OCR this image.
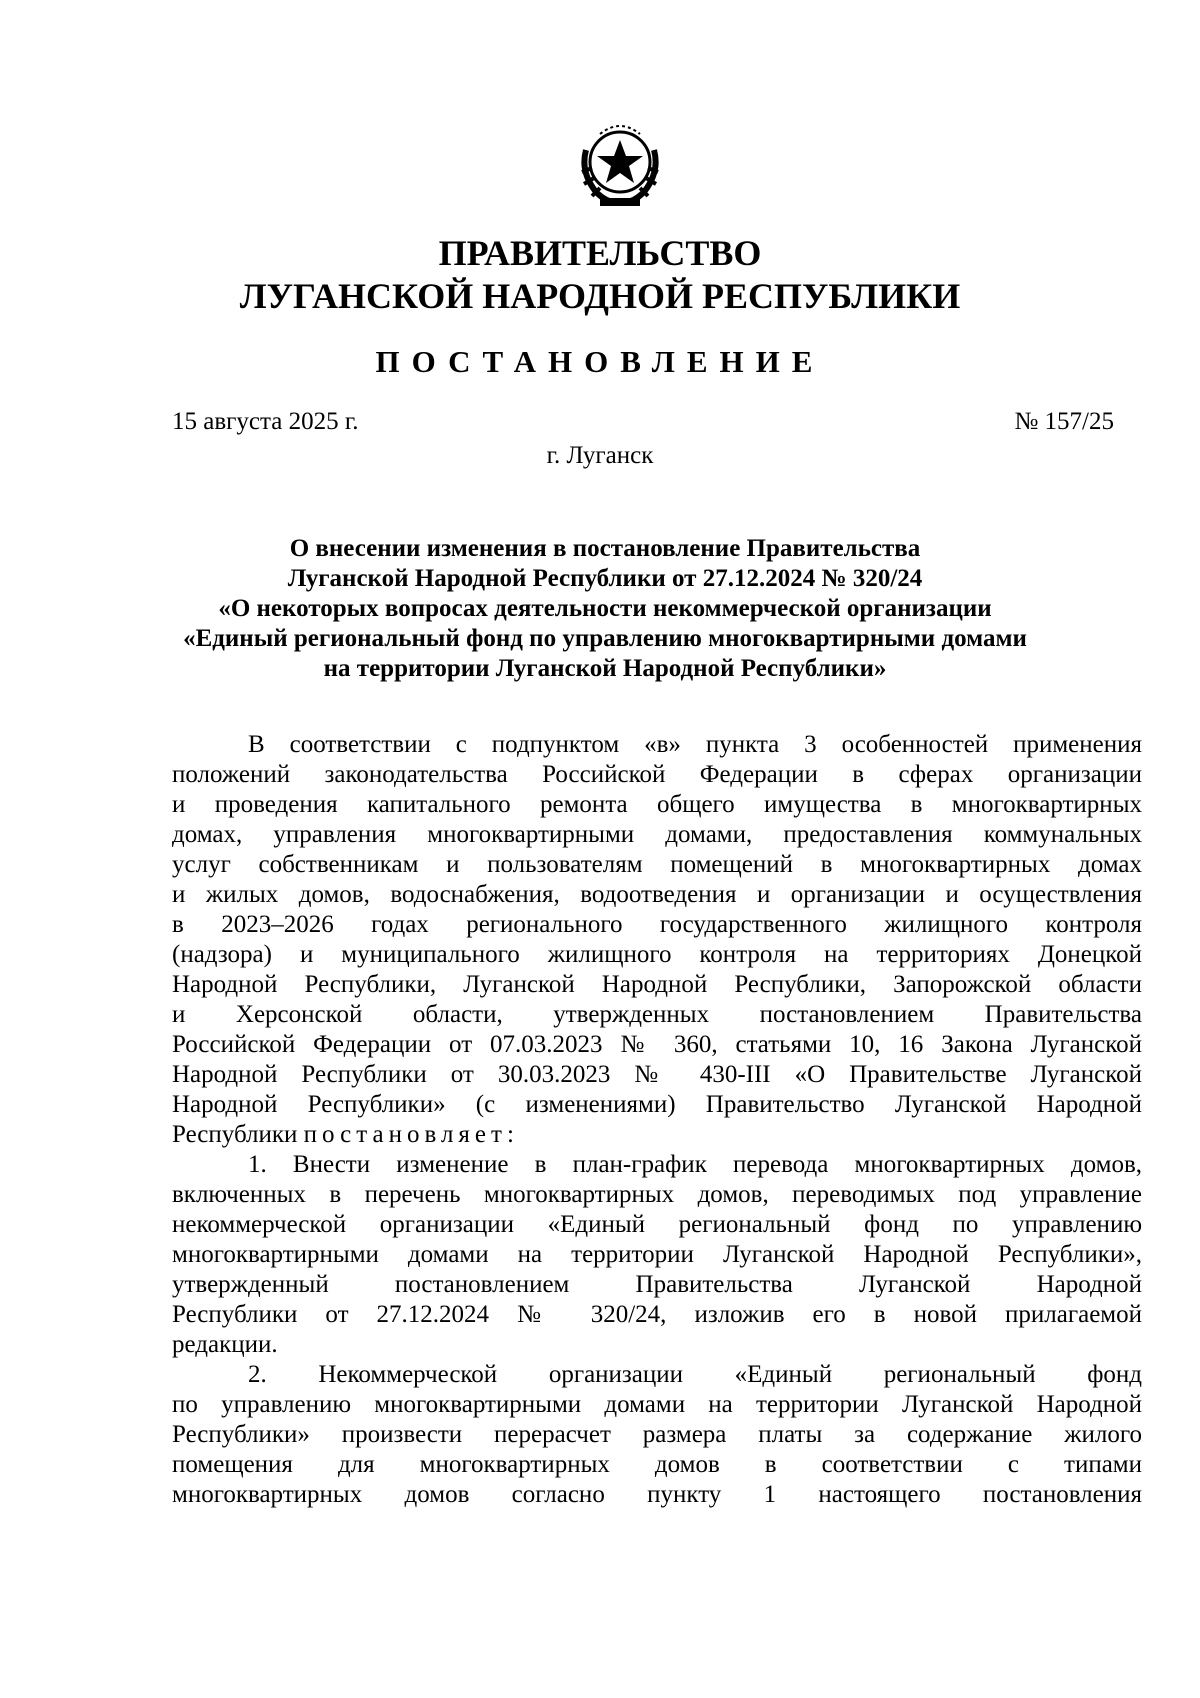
ПРАВИТЕЛЬСТВО
ЛУГАНСКОЙ НАРОДНОЙ РЕСПУБЛИКИ
ПОСТАНОВЛЕНИЕ
15 августа 2025 г.	№ 157/25
г. Луганск
О внесении изменения в постановление Правительства
Луганской Народной Республики от 27.12.2024 № 320/24
«О некоторых вопросах деятельности некоммерческой организации
«Единый региональный фонд по управлению многоквартирными домами
на территории Луганской Народной Республики»
В соответствии с подпунктом «в» пункта 3 особенностей применения
положений законодательства Российской Федерации в сферах организации
и проведения капитального ремонта общего имущества в многоквартирных
домах, управления многоквартирными домами, предоставления коммунальных
услуг собственникам и пользователям помещений в многоквартирных домах
и жилых домов, водоснабжения, водоотведения и организации и осуществления
в 2023–2026 годах регионального государственного жилищного контроля
(надзора) и муниципального жилищного контроля на территориях Донецкой
Народной Республики, Луганской Народной Республики, Запорожской области
и Херсонской области, утвержденных постановлением Правительства
Российской Федерации от 07.03.2023 № 360, статьями 10, 16 Закона Луганской
Народной Республики от 30.03.2023 № 430-III «О Правительстве Луганской
Народной Республики» (с изменениями) Правительство Луганской Народной
Республики постановляет:
1. Внести изменение в план-график перевода многоквартирных домов,
включенных в перечень многоквартирных домов, переводимых под управление
некоммерческой организации «Единый региональный фонд по управлению
многоквартирными домами на территории Луганской Народной Республики»,
утвержденный постановлением Правительства Луганской Народной
Республики от 27.12.2024 № 320/24, изложив его в новой прилагаемой
редакции.
2. Некоммерческой организации «Единый региональный фонд
по управлению многоквартирными домами на территории Луганской Народной
Республики» произвести перерасчет размера платы за содержание жилого
помещения для многоквартирных домов в соответствии с типами
многоквартирных домов согласно пункту 1 настоящего постановления
